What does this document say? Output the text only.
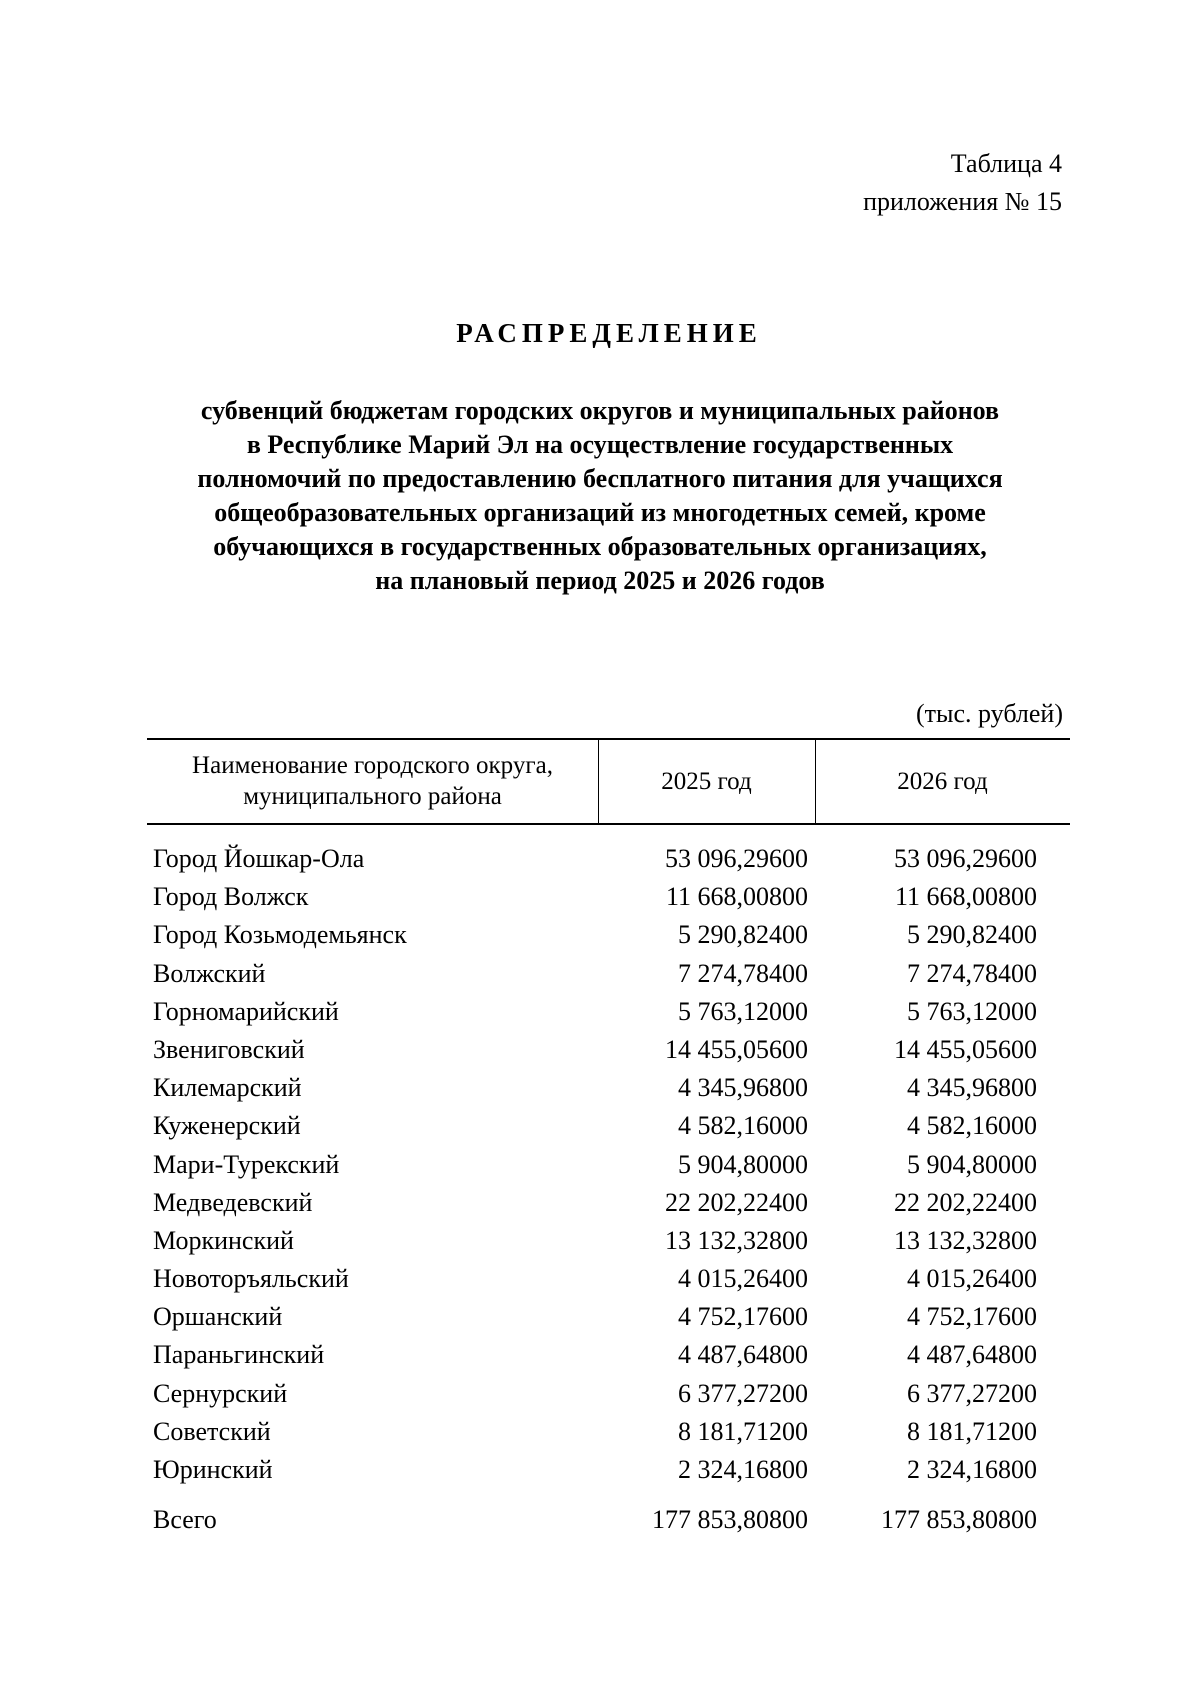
Таблица 4
приложения № 15
РАСПРЕДЕЛЕНИЕ
субвенций бюджетам городских округов и муниципальных районов
в Республике Марий Эл на осуществление государственных
полномочий по предоставлению бесплатного питания для учащихся
общеобразовательных организаций из многодетных семей, кроме
обучающихся в государственных образовательных организациях,
на плановый период 2025 и 2026 годов
(тыс. рублей)
Наименование городского округа,
муниципального района
2025 год	2026 год
Город Йошкар-Ола	53 096,29600	53 096,29600
Город Волжск	11 668,00800	11 668,00800
Город Козьмодемьянск	5 290,82400	5 290,82400
Волжский	7 274,78400	7 274,78400
Горномарийский	5 763,12000	5 763,12000
Звениговский	14 455,05600	14 455,05600
Килемарский	4 345,96800	4 345,96800
Куженерский	4 582,16000	4 582,16000
Мари-Турекский	5 904,80000	5 904,80000
Медведевский	22 202,22400	22 202,22400
Моркинский	13 132,32800	13 132,32800
Новоторъяльский	4 015,26400	4 015,26400
Оршанский	4 752,17600	4 752,17600
Параньгинский	4 487,64800	4 487,64800
Сернурский	6 377,27200	6 377,27200
Советский	8 181,71200	8 181,71200
Юринский	2 324,16800	2 324,16800
Всего	177 853,80800	177 853,80800
